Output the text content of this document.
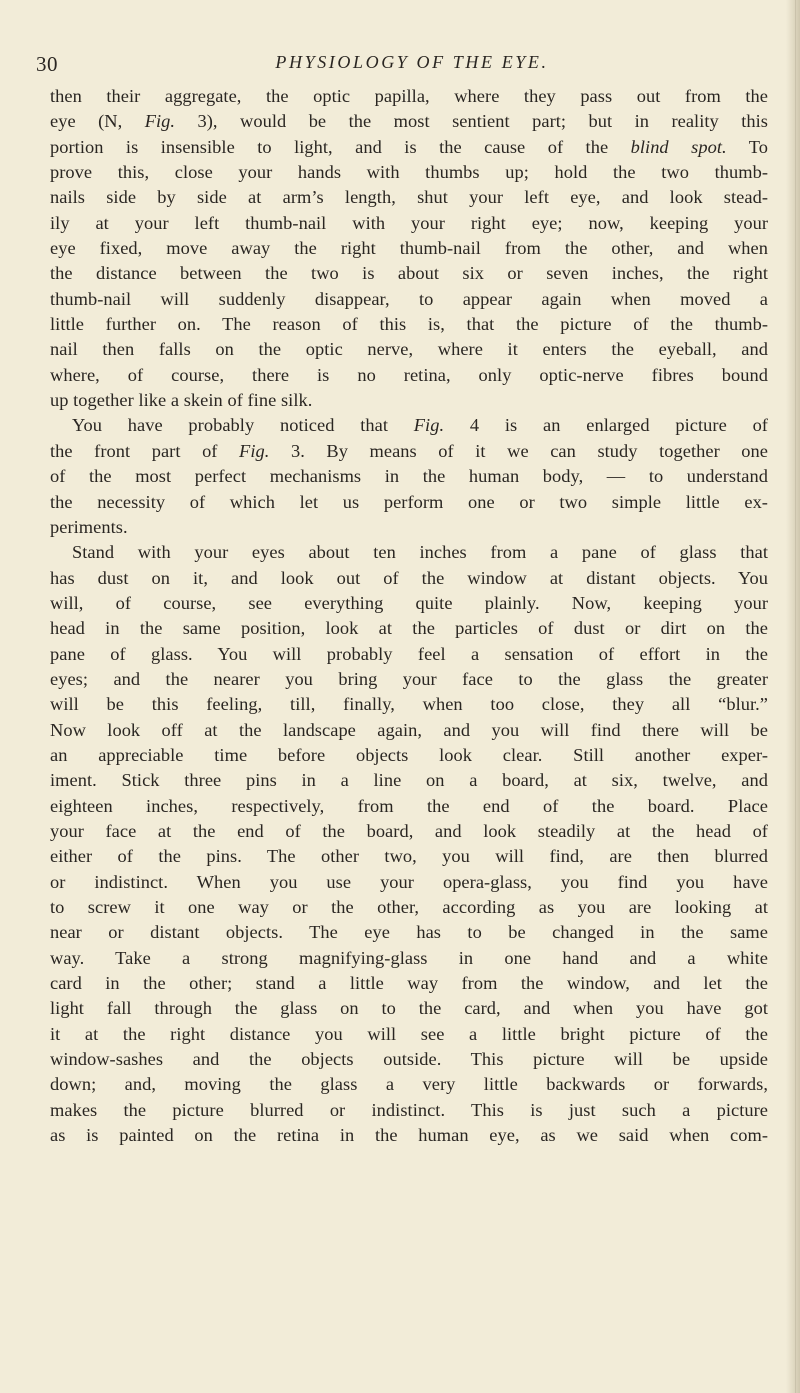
30	PHYSIOLOGY OF THE EYE.
then their aggregate, the optic papilla, where they pass out from the
eye (N, Fig. 3), would be the most sentient part; but in reality this
portion is insensible to light, and is the cause of the blind spot. To
prove this, close your hands with thumbs up; hold the two thumb-
nails side by side at arm’s length, shut your left eye, and look stead-
ily at your left thumb-nail with your right eye; now, keeping your
eye fixed, move away the right thumb-nail from the other, and when
the distance between the two is about six or seven inches, the right
thumb-nail will suddenly disappear, to appear again when moved a
little further on. The reason of this is, that the picture of the thumb-
nail then falls on the optic nerve, where it enters the eyeball, and
where, of course, there is no retina, only optic-nerve fibres bound
up together like a skein of fine silk.
You have probably noticed that Fig. 4 is an enlarged picture of
the front part of Fig. 3. By means of it we can study together one
of the most perfect mechanisms in the human body, — to understand
the necessity of which let us perform one or two simple little ex-
periments.
Stand with your eyes about ten inches from a pane of glass that
has dust on it, and look out of the window at distant objects. You
will, of course, see everything quite plainly. Now, keeping your
head in the same position, look at the particles of dust or dirt on the
pane of glass. You will probably feel a sensation of effort in the
eyes; and the nearer you bring your face to the glass the greater
will be this feeling, till, finally, when too close, they all “blur.”
Now look off at the landscape again, and you will find there will be
an appreciable time before objects look clear. Still another exper-
iment. Stick three pins in a line on a board, at six, twelve, and
eighteen inches, respectively, from the end of the board. Place
your face at the end of the board, and look steadily at the head of
either of the pins. The other two, you will find, are then blurred
or indistinct. When you use your opera-glass, you find you have
to screw it one way or the other, according as you are looking at
near or distant objects. The eye has to be changed in the same
way. Take a strong magnifying-glass in one hand and a white
card in the other; stand a little way from the window, and let the
light fall through the glass on to the card, and when you have got
it at the right distance you will see a little bright picture of the
window-sashes and the objects outside. This picture will be upside
down; and, moving the glass a very little backwards or forwards,
makes the picture blurred or indistinct. This is just such a picture
as is painted on the retina in the human eye, as we said when com-
